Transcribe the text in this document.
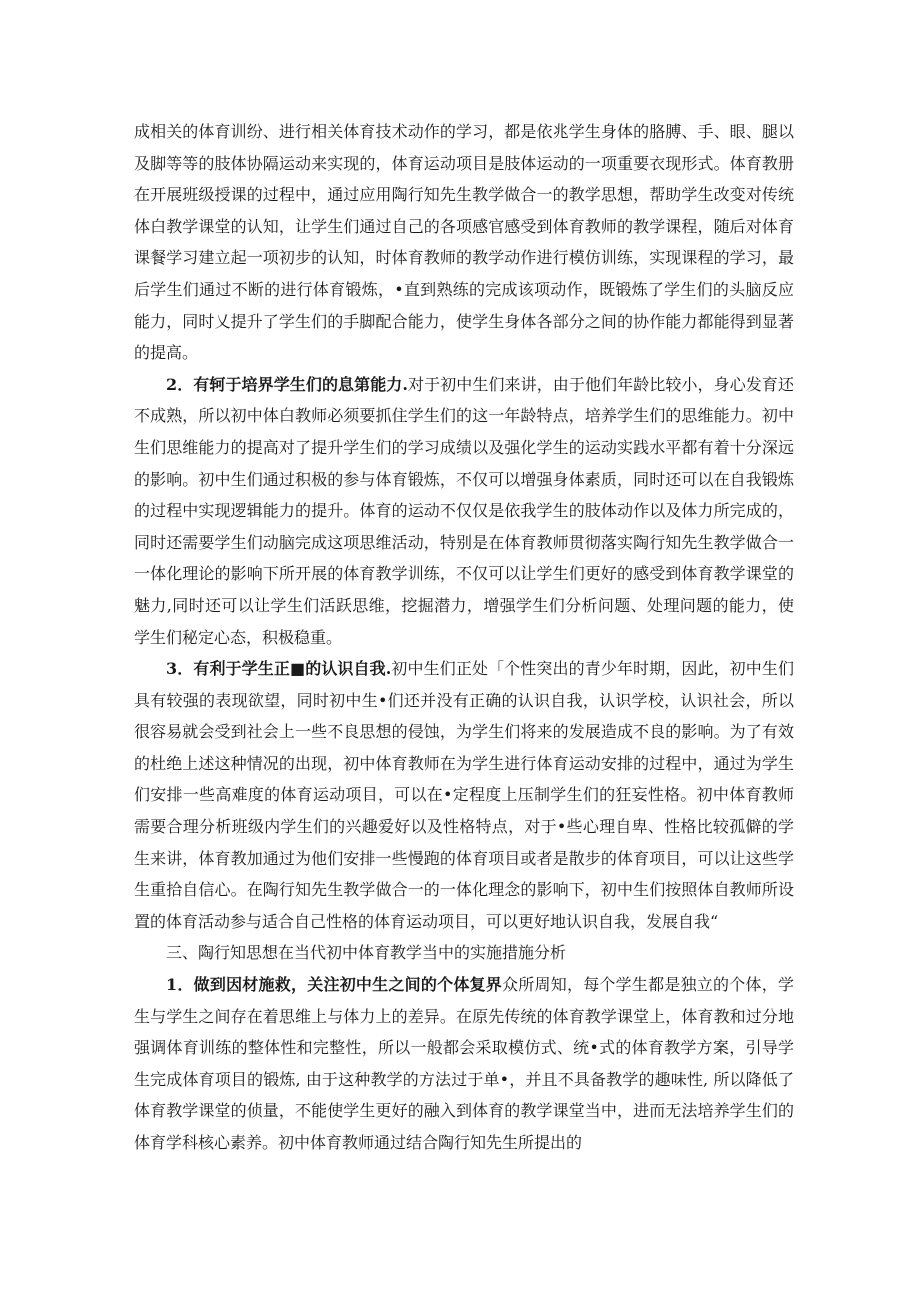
成相关的体育训纷、进行相关体育技术动作的学习，都是依兆学生身体的胳膊、手、眼、腿以及脚等等的肢体协隔运动来实现的，体育运动项目是肢体运动的一项重要衣现形式。体育教册在开展班级授课的过程中，通过应用陶行知先生教学做合一的教学思想，帮助学生改变对传统体白教学课堂的认知，让学生们通过自己的各项感官感受到体育教师的教学课程，随后对体育课餐学习建立起一项初步的认知，时体育教师的教学动作进行模仿训练，实现课程的学习，最后学生们通过不断的进行体育锻炼，•直到熟练的完成该项动作，既锻炼了学生们的头脑反应能力，同时乂提升了学生们的手脚配合能力，使学生身体各部分之间的协作能力都能得到显著的提高。

2．有轲于培界学生们的息第能力.对于初中生们来讲，由于他们年龄比较小，身心发育还不成熟，所以初中体白教师必须要抓住学生们的这一年龄特点，培养学生们的思维能力。初中生们思维能力的提高对了提升学生们的学习成绩以及强化学生的运动实践水平都有着十分深远的影响。初中生们通过积极的参与体育锻炼，不仅可以增强身体素质，同时还可以在自我锻炼的过程中实现逻辑能力的提升。体育的运动不仅仅是依我学生的肢体动作以及体力所完成的，同时还需要学生们动脑完成这项思维活动，特别是在体育教师贯彻落实陶行知先生教学做合一一体化理论的影响下所开展的体育教学训练，不仅可以让学生们更好的感受到体育教学课堂的魅力,同时还可以让学生们活跃思维，挖掘潜力，增强学生们分析问题、处理问题的能力，使学生们秘定心态，积极稳重。

3．有利于学生正■的认识自我.初中生们正处「个性突出的青少年时期，因此，初中生们具有较强的表现欲望，同时初中生•们还并没有正确的认识自我，认识学校，认识社会，所以很容易就会受到社会上一些不良思想的侵蚀，为学生们将来的发展造成不良的影响。为了有效的杜绝上述这种情况的出现，初中体育教师在为学生进行体育运动安排的过程中，通过为学生们安排一些高难度的体育运动项目，可以在•定程度上压制学生们的狂妄性格。初中体育教师需要合理分析班级内学生们的兴趣爱好以及性格特点，对于•些心理自卑、性格比较孤僻的学生来讲，体育教加通过为他们安排一些慢跑的体育项目或者是散步的体育项目，可以让这些学生重拾自信心。在陶行知先生教学做合一的一体化理念的影响下，初中生们按照体自教师所设置的体育活动参与适合自己性格的体育运动项目，可以更好地认识自我，发展自我“

三、陶行知思想在当代初中体育教学当中的实施措施分析

1．做到因材施救，关注初中生之间的个体复界众所周知，每个学生都是独立的个体，学生与学生之间存在着思维上与体力上的差异。在原先传统的体育教学课堂上，体育教和过分地强调体育训练的整体性和完整性，所以一般都会采取模仿式、统•式的体育教学方案，引导学生完成体育项目的锻炼, 由于这种教学的方法过于单•，并且不具备教学的趣味性, 所以降低了体育教学课堂的侦量，不能使学生更好的融入到体育的教学课堂当中，进而无法培养学生们的体育学科核心素养。初中体育教师通过结合陶行知先生所提出的
